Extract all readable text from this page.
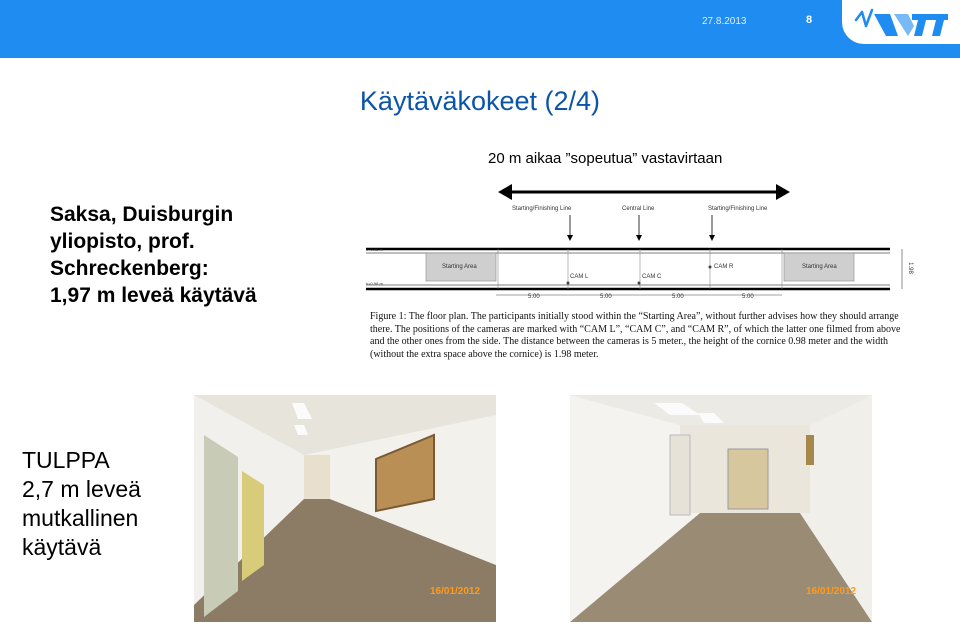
27.8.2013	8
Käytäväkokeet (2/4)
20 m aikaa ”sopeutua” vastavirtaan
Saksa, Duisburgin
yliopisto, prof.
Schreckenberg:
1,97 m leveä käytävä
Starting/Finishing Line	Central Line	Starting/Finishing Line
h=0.98 m
h=0.98 m
Starting Area	Starting Area
CAM L	CAM C
CAM R
5.00	5.00	5.00	5.00
1.98
Figure 1: The floor plan. The participants initially stood within the “Starting Area”, without further advises how they should arrange there. The positions of the cameras are marked with “CAM L”, “CAM C”, and “CAM R”, of which the latter one filmed from above and the other ones from the side. The distance between the cameras is 5 meter., the height of the cornice 0.98 meter and the width (without the extra space above the cornice) is 1.98 meter.
16/01/2012	16/01/2012
TULPPA
2,7 m leveä
mutkallinen
käytävä
